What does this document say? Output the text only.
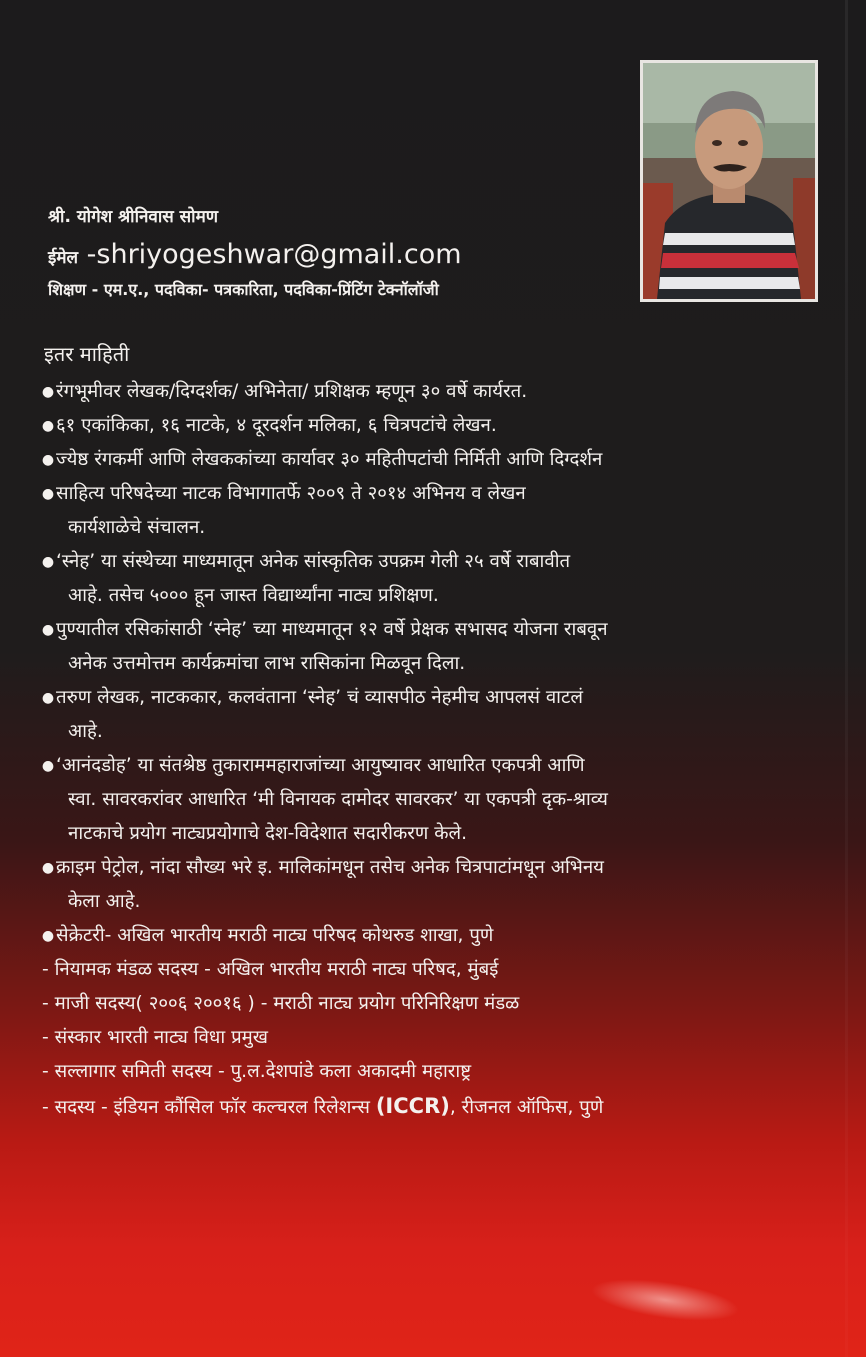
श्री. योगेश श्रीनिवास सोमण
ईमेल -shriyogeshwar@gmail.com
शिक्षण - एम.ए., पदविका- पत्रकारिता, पदविका-प्रिंटिंग टेक्नॉलॉजी
इतर माहिती
● रंगभूमीवर लेखक/दिग्दर्शक/ अभिनेता/ प्रशिक्षक म्हणून ३० वर्षे कार्यरत.
● ६१ एकांकिका, १६ नाटके, ४ दूरदर्शन मलिका, ६ चित्रपटांचे लेखन.
● ज्येष्ठ रंगकर्मी आणि लेखककांच्या कार्यावर ३० महितीपटांची निर्मिती आणि दिग्दर्शन
● साहित्य परिषदेच्या नाटक विभागातर्फे २००९ ते २०१४ अभिनय व लेखन
कार्यशाळेचे संचालन.
● ‘स्नेह’ या संस्थेच्या माध्यमातून अनेक सांस्कृतिक उपक्रम गेली २५ वर्षे राबावीत
आहे. तसेच ५००० हून जास्त विद्यार्थ्यांना नाट्य प्रशिक्षण.
● पुण्यातील रसिकांसाठी ‘स्नेह’ च्या माध्यमातून १२ वर्षे प्रेक्षक सभासद योजना राबवून
अनेक उत्तमोत्तम कार्यक्रमांचा लाभ रासिकांना मिळवून दिला.
● तरुण लेखक, नाटककार, कलवंताना ‘स्नेह’ चं व्यासपीठ नेहमीच आपलसं वाटलं
आहे.
● ‘आनंदडोह’ या संतश्रेष्ठ तुकाराममहाराजांच्या आयुष्यावर आधारित एकपत्री आणि
स्वा. सावरकरांवर आधारित ‘मी विनायक दामोदर सावरकर’ या एकपत्री दृक-श्राव्य
नाटकाचे प्रयोग नाट्यप्रयोगाचे देश-विदेशात सदारीकरण केले.
● क्राइम पेट्रोल, नांदा सौख्य भरे इ. मालिकांमधून तसेच अनेक चित्रपाटांमधून अभिनय
केला आहे.
● सेक्रेटरी- अखिल भारतीय मराठी नाट्य परिषद कोथरुड शाखा, पुणे
- नियामक मंडळ सदस्य - अखिल भारतीय मराठी नाट्य परिषद, मुंबई
- माजी सदस्य( २००६ २००१६ ) - मराठी नाट्य प्रयोग परिनिरिक्षण मंडळ
- संस्कार भारती नाट्य विधा प्रमुख
- सल्लागार समिती सदस्य - पु.ल.देशपांडे कला अकादमी महाराष्ट्र
- सदस्य - इंडियन कौंसिल फॉर कल्चरल रिलेशन्स (ICCR), रीजनल ऑफिस, पुणे
